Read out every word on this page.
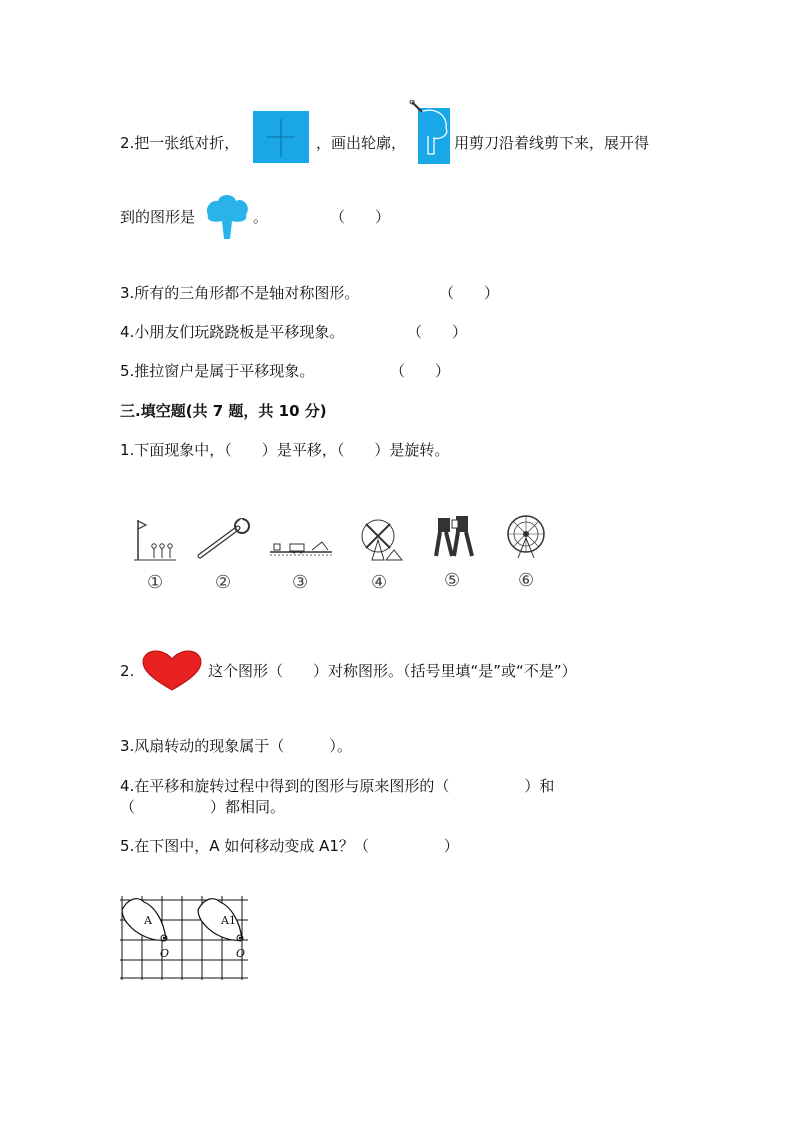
2.把一张纸对折，	，画出轮廓，	用剪刀沿着线剪下来，展开得
到的图形是	。	（　　）
3.所有的三角形都不是轴对称图形。	（　　）
4.小朋友们玩跷跷板是平移现象。	（　　）
5.推拉窗户是属于平移现象。	（　　）
三.填空题(共 7 题，共 10 分)
1.下面现象中，（　　）是平移，（　　）是旋转。
①	②	③	④	⑤	⑥
2.	这个图形（　　）对称图形。（括号里填“是”或“不是”）
3.风扇转动的现象属于（　　　）。
4.在平移和旋转过程中得到的图形与原来图形的（　　　　　）和
（　　　　　）都相同。
5.在下图中，A 如何移动变成 A1？（　　　　　）
A	A1
O	O
